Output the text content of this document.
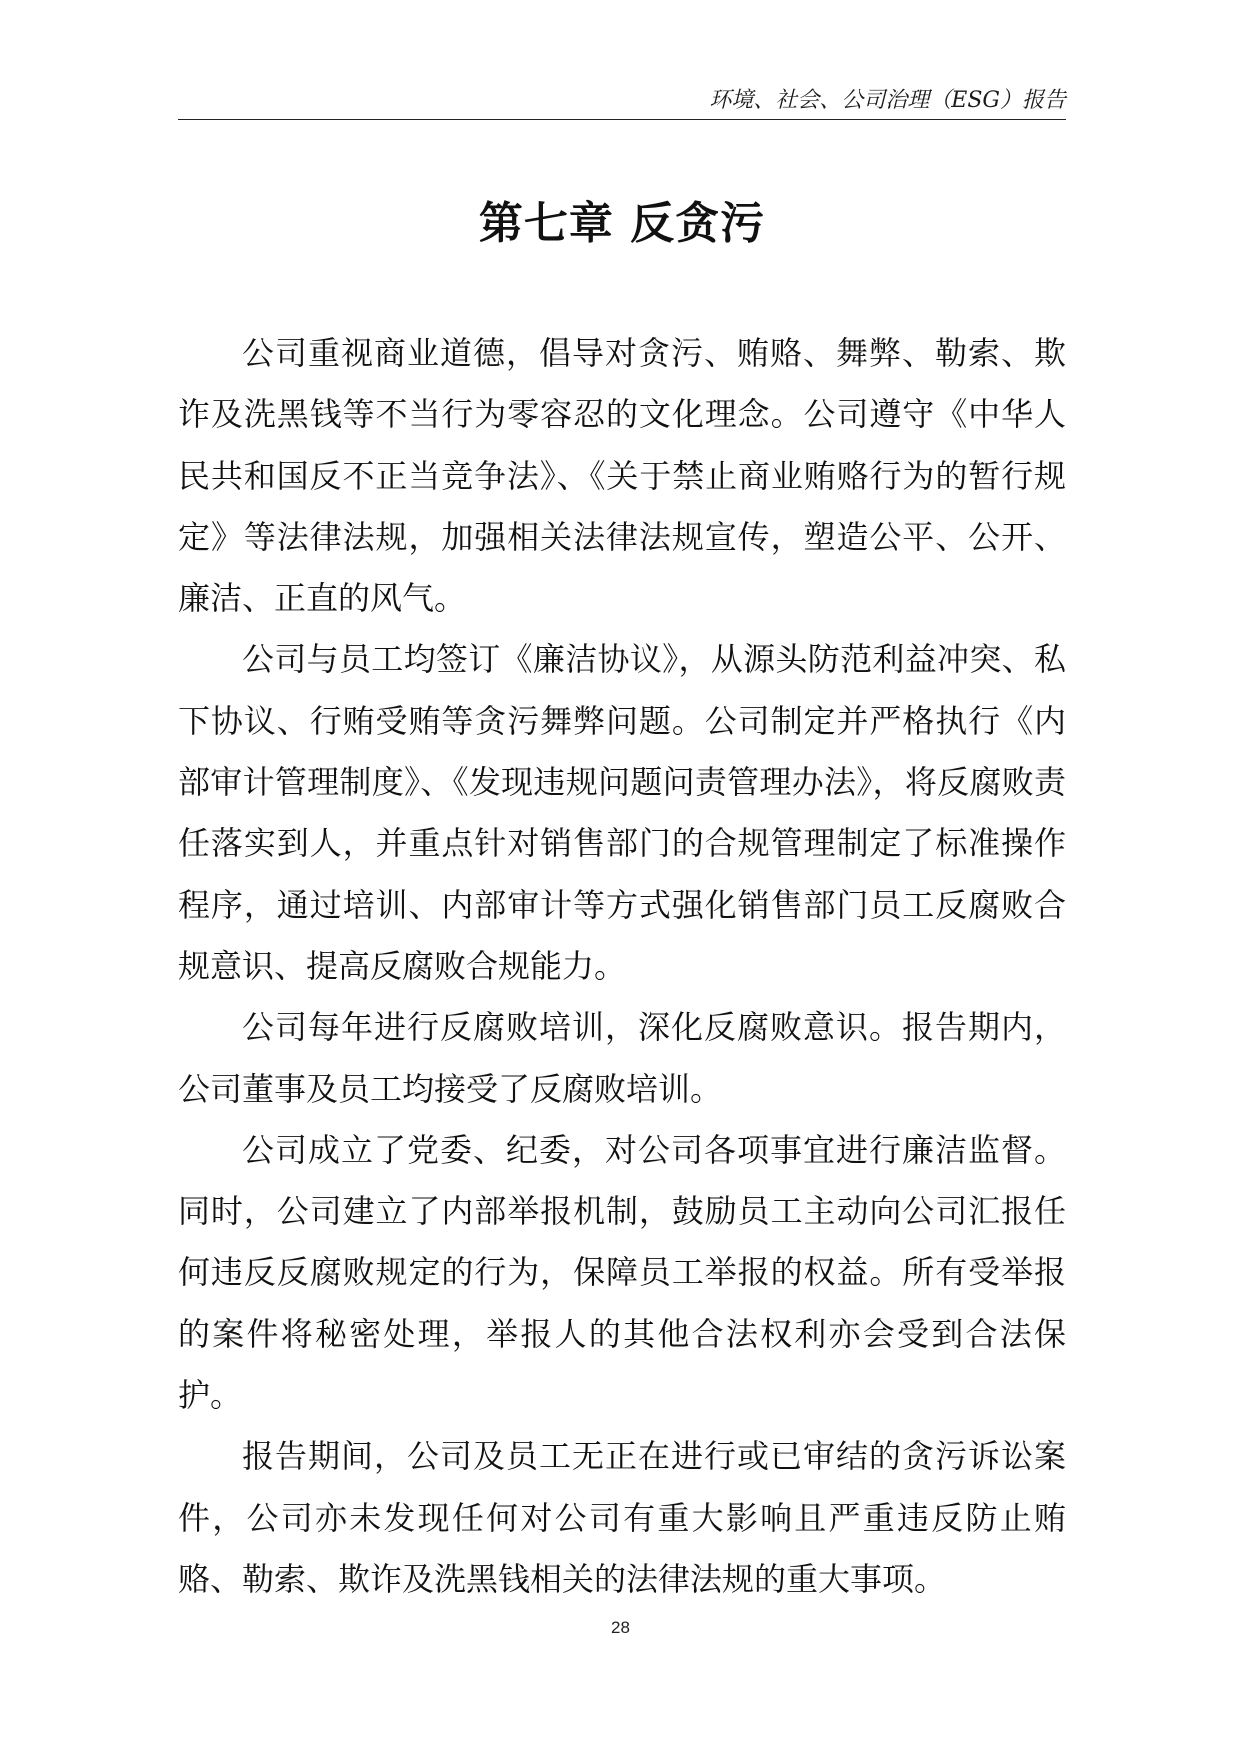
环境、社会、公司治理（ESG）报告
第七章 反贪污

公司重视商业道德，倡导对贪污、贿赂、舞弊、勒索、欺诈及洗黑钱等不当行为零容忍的文化理念。公司遵守《中华人民共和国反不正当竞争法》、《关于禁止商业贿赂行为的暂行规定》等法律法规，加强相关法律法规宣传，塑造公平、公开、廉洁、正直的风气。

公司与员工均签订《廉洁协议》，从源头防范利益冲突、私下协议、行贿受贿等贪污舞弊问题。公司制定并严格执行《内部审计管理制度》、《发现违规问题问责管理办法》，将反腐败责任落实到人，并重点针对销售部门的合规管理制定了标准操作程序，通过培训、内部审计等方式强化销售部门员工反腐败合规意识、提高反腐败合规能力。

公司每年进行反腐败培训，深化反腐败意识。报告期内，公司董事及员工均接受了反腐败培训。

公司成立了党委、纪委，对公司各项事宜进行廉洁监督。同时，公司建立了内部举报机制，鼓励员工主动向公司汇报任何违反反腐败规定的行为，保障员工举报的权益。所有受举报的案件将秘密处理，举报人的其他合法权利亦会受到合法保护。

报告期间，公司及员工无正在进行或已审结的贪污诉讼案件，公司亦未发现任何对公司有重大影响且严重违反防止贿赂、勒索、欺诈及洗黑钱相关的法律法规的重大事项。

28
